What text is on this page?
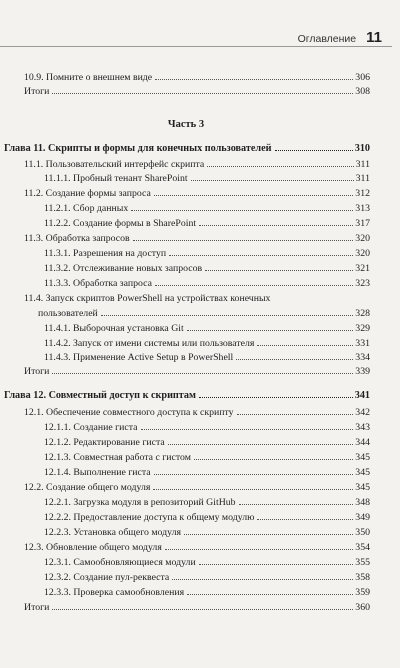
Оглавление 11
10.9. Помните о внешнем виде	306
Итоги	308
Часть 3
Глава 11. Скрипты и формы для конечных пользователей	310
11.1. Пользовательский интерфейс скрипта	311
11.1.1. Пробный тенант SharePoint	311
11.2. Создание формы запроса	312
11.2.1. Сбор данных	313
11.2.2. Создание формы в SharePoint	317
11.3. Обработка запросов	320
11.3.1. Разрешения на доступ	320
11.3.2. Отслеживание новых запросов	321
11.3.3. Обработка запроса	323
11.4. Запуск скриптов PowerShell на устройствах конечных
пользователей	328
11.4.1. Выборочная установка Git	329
11.4.2. Запуск от имени системы или пользователя	331
11.4.3. Применение Active Setup в PowerShell	334
Итоги	339
Глава 12. Совместный доступ к скриптам	341
12.1. Обеспечение совместного доступа к скрипту	342
12.1.1. Создание гиста	343
12.1.2. Редактирование гиста	344
12.1.3. Совместная работа с гистом	345
12.1.4. Выполнение гиста	345
12.2. Создание общего модуля	345
12.2.1. Загрузка модуля в репозиторий GitHub	348
12.2.2. Предоставление доступа к общему модулю	349
12.2.3. Установка общего модуля	350
12.3. Обновление общего модуля	354
12.3.1. Самообновляющиеся модули	355
12.3.2. Создание пул-реквеста	358
12.3.3. Проверка самообновления	359
Итоги	360
